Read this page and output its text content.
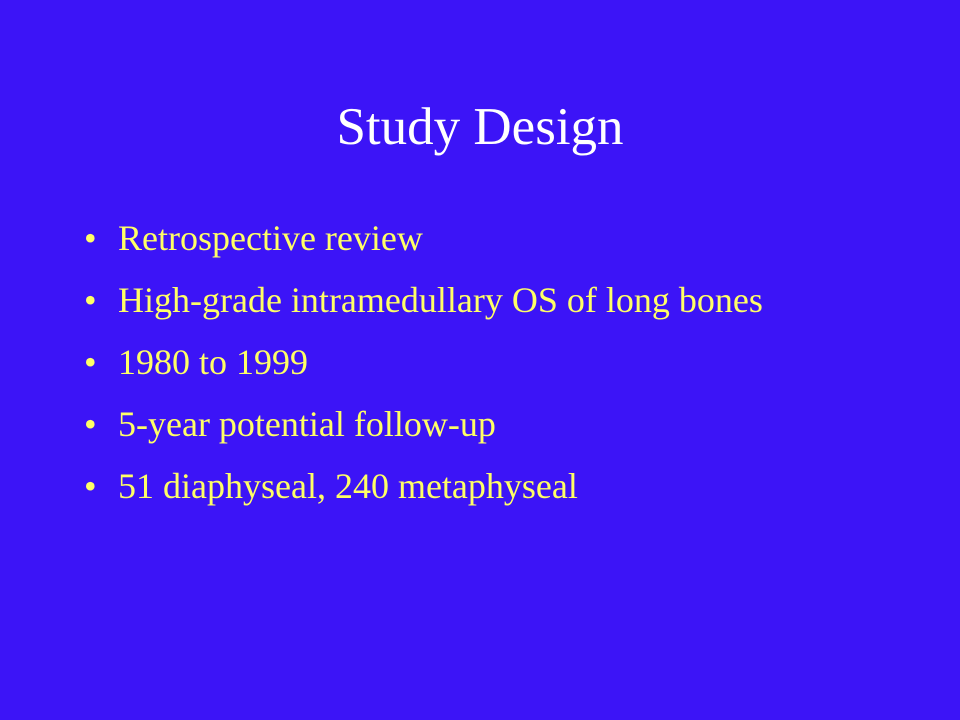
Study Design
• Retrospective review
• High-grade intramedullary OS of long bones
• 1980 to 1999
• 5-year potential follow-up
• 51 diaphyseal, 240 metaphyseal
